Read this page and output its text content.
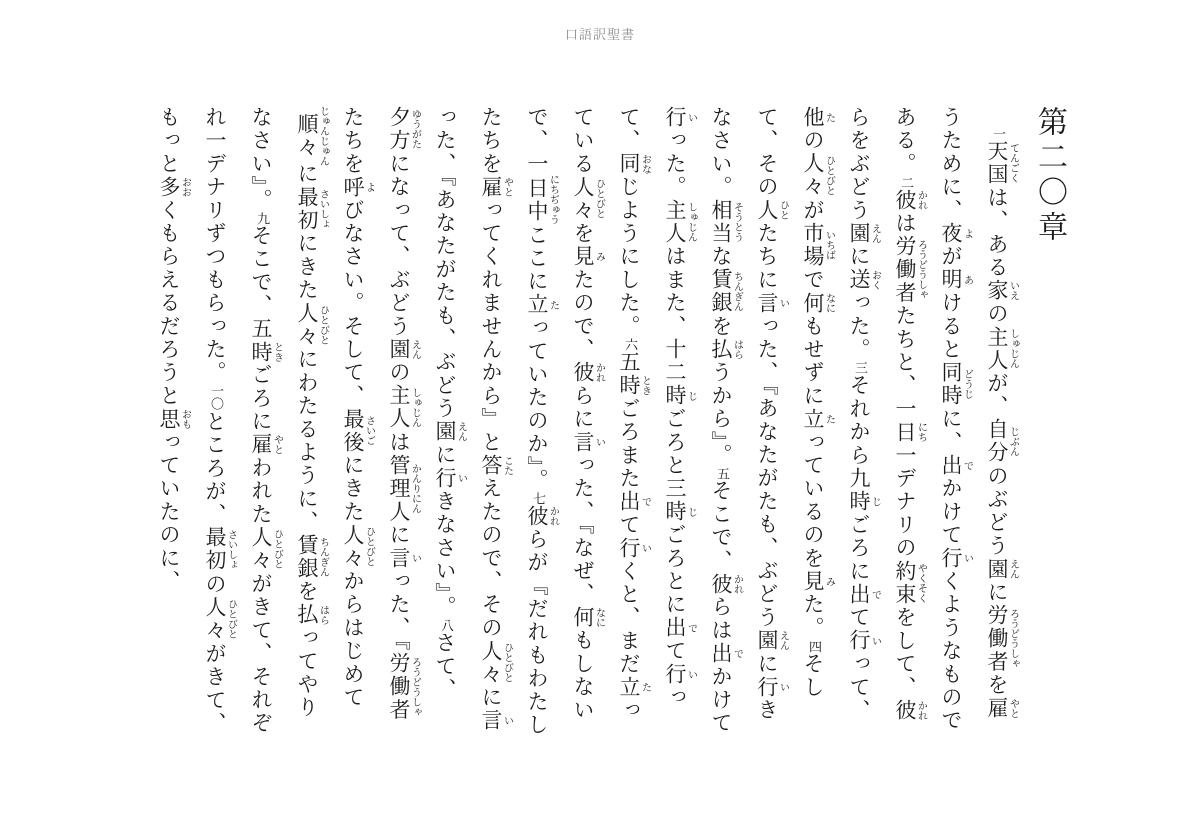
口語訳聖書
第二〇章

一天国てんごくは、ある家いえの主人しゅじんが、自分じぶんのぶどう園えんに労働者ろうどうしゃを雇やとうために、夜よが明あけると同時どうじに、出でかけて行いくようなものである。二彼かれは労働者ろうどうしゃたちと、一日にち一デナリの約束やくそくをして、彼かれらをぶどう園えんに送おくった。三それから九時じごろに出でて行いって、他たの人々ひとびとが市場いちばで何なにもせずに立たっているのを見みた。四そして、その人ひとたちに言いった、『あなたがたも、ぶどう園えんに行いきなさい。相当そうとうな賃銀ちんぎんを払はらうから』。五そこで、彼かれらは出でかけて行いった。主人しゅじんはまた、十二時じごろと三時じごろとに出でて行いって、同おなじようにした。六五時ときごろまた出でて行いくと、まだ立たっている人々ひとびとを見みたので、彼かれらに言いった、『なぜ、何なにもしないで、一日中にちぢゅうここに立たっていたのか』。七彼かれらが『だれもわたしたちを雇やとってくれませんから』と答こたえたので、その人々ひとびとに言いった、『あなたがたも、ぶどう園えんに行いきなさい』。八さて、夕方ゆうがたになって、ぶどう園えんの主人しゅじんは管理人かんりにんに言いった、『労働者ろうどうしゃたちを呼よびなさい。そして、最後さいごにきた人々ひとびとからはじめて順々じゅんじゅんに最初さいしょにきた人々ひとびとにわたるように、賃銀ちんぎんを払はらってやりなさい』。九そこで、五時ときごろに雇やとわれた人々ひとびとがきて、それぞれ一デナリずつもらった。一〇ところが、最初さいしょの人々ひとびとがきて、もっと多おおくもらえるだろうと思おもっていたのに、
